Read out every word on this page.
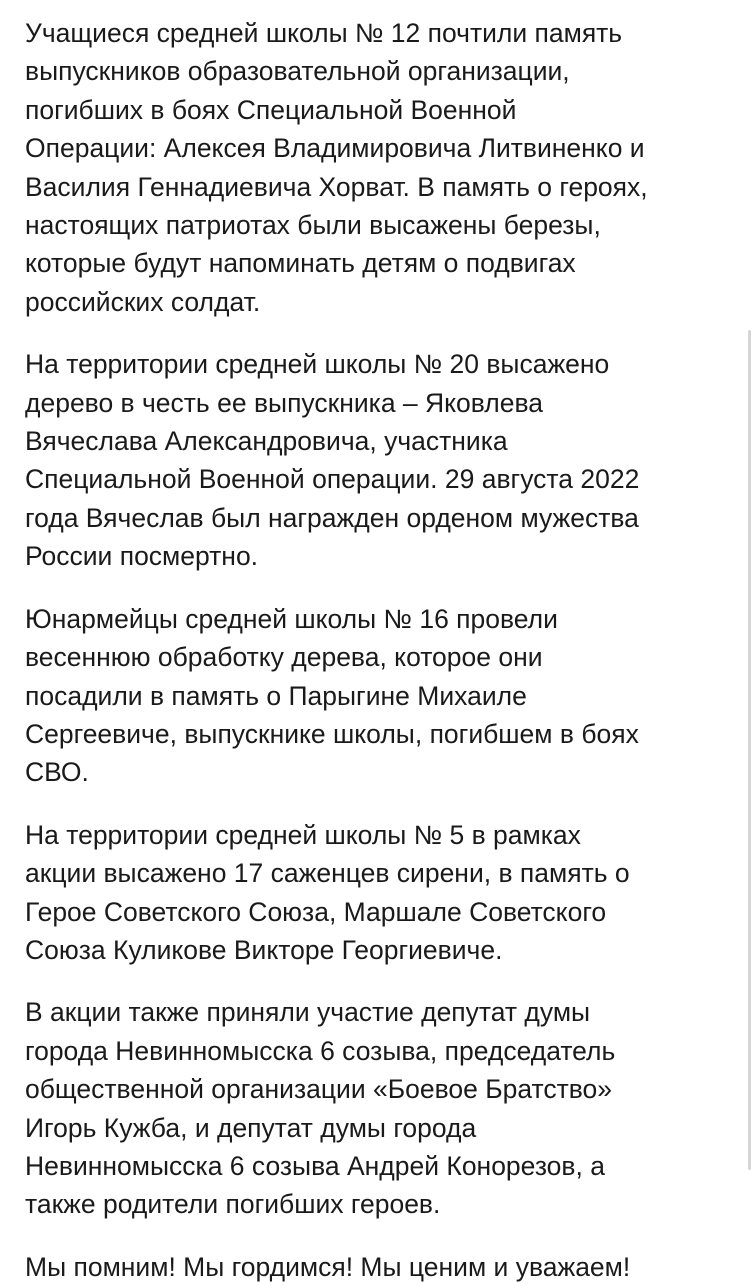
Учащиеся средней школы № 12 почтили память
выпускников образовательной организации,
погибших в боях Специальной Военной
Операции: Алексея Владимировича Литвиненко и
Василия Геннадиевича Хорват. В память о героях,
настоящих патриотах были высажены березы,
которые будут напоминать детям о подвигах
российских солдат.

На территории средней школы № 20 высажено
дерево в честь ее выпускника – Яковлева
Вячеслава Александровича, участника
Специальной Военной операции. 29 августа 2022
года Вячеслав был награжден орденом мужества
России посмертно.

Юнармейцы средней школы № 16 провели
весеннюю обработку дерева, которое они
посадили в память о Парыгине Михаиле
Сергеевиче, выпускнике школы, погибшем в боях
СВО.

На территории средней школы № 5 в рамках
акции высажено 17 саженцев сирени, в память о
Герое Советского Союза, Маршале Советского
Союза Куликове Викторе Георгиевиче.

В акции также приняли участие депутат думы
города Невинномысска 6 созыва, председатель
общественной организации «Боевое Братство»
Игорь Кужба, и депутат думы города
Невинномысска 6 созыва Андрей Конорезов, а
также родители погибших героев.

Мы помним! Мы гордимся! Мы ценим и уважаем!
